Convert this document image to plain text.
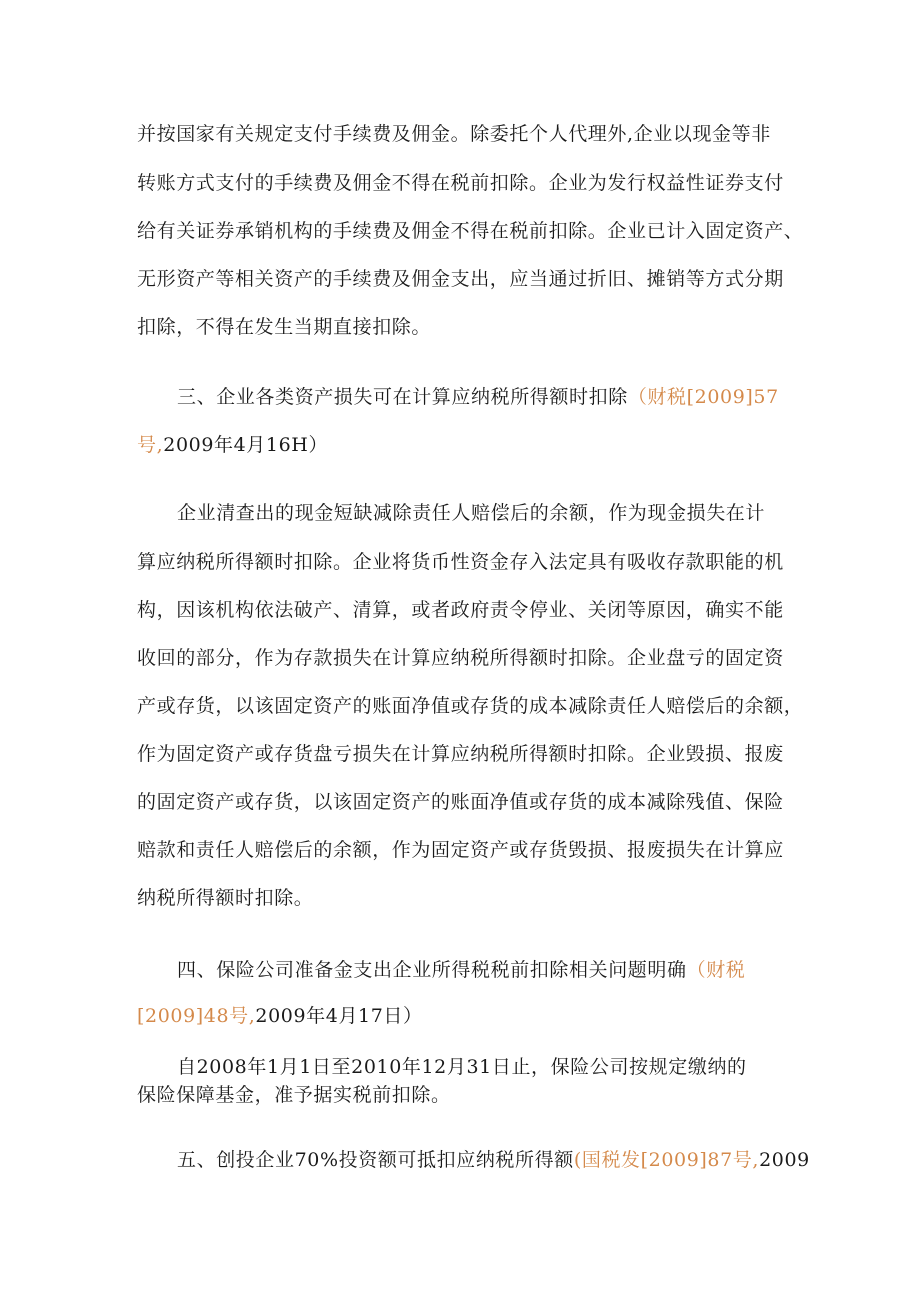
并按国家有关规定支付手续费及佣金。除委托个人代理外,企业以现金等非
转账方式支付的手续费及佣金不得在税前扣除。企业为发行权益性证券支付
给有关证券承销机构的手续费及佣金不得在税前扣除。企业已计入固定资产、
无形资产等相关资产的手续费及佣金支出，应当通过折旧、摊销等方式分期
扣除，不得在发生当期直接扣除。
三、企业各类资产损失可在计算应纳税所得额时扣除（财税[2009]57
号,2009年4月16H）
企业清查出的现金短缺减除责任人赔偿后的余额，作为现金损失在计
算应纳税所得额时扣除。企业将货币性资金存入法定具有吸收存款职能的机
构，因该机构依法破产、清算，或者政府责令停业、关闭等原因，确实不能
收回的部分，作为存款损失在计算应纳税所得额时扣除。企业盘亏的固定资
产或存货，以该固定资产的账面净值或存货的成本减除责任人赔偿后的余额，
作为固定资产或存货盘亏损失在计算应纳税所得额时扣除。企业毁损、报废
的固定资产或存货，以该固定资产的账面净值或存货的成本减除残值、保险
赔款和责任人赔偿后的余额，作为固定资产或存货毁损、报废损失在计算应
纳税所得额时扣除。
四、保险公司准备金支出企业所得税税前扣除相关问题明确（财税
[2009]48号,2009年4月17日）
自2008年1月1日至2010年12月31日止，保险公司按规定缴纳的
保险保障基金，准予据实税前扣除。
五、创投企业70%投资额可抵扣应纳税所得额(国税发[2009]87号,2009
